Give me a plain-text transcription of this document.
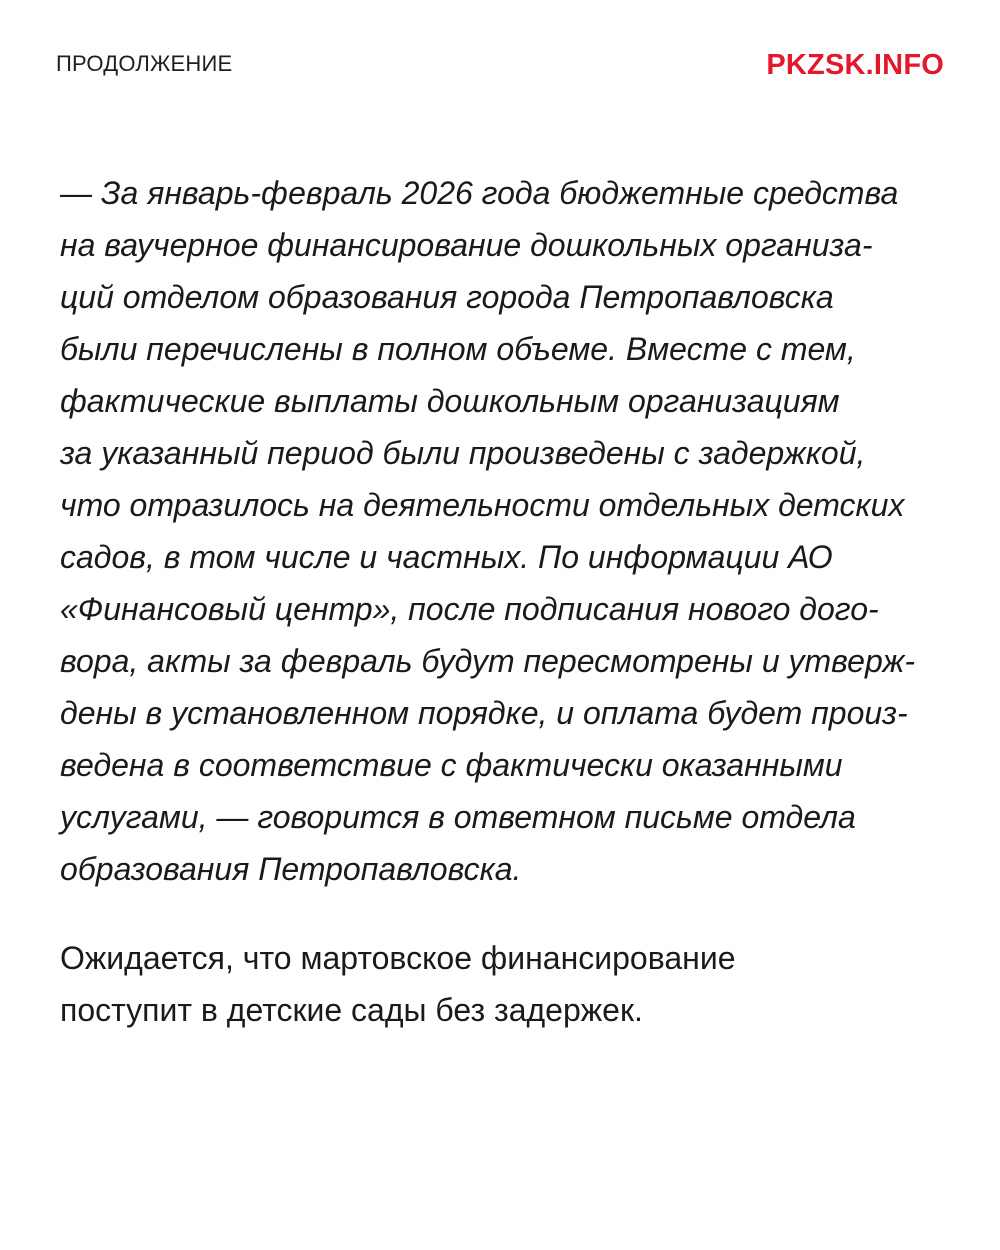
ПРОДОЛЖЕНИЕ	PKZSK.INFO
— За январь-февраль 2026 года бюджетные средства
на ваучерное финансирование дошкольных организа-
ций отделом образования города Петропавловска
были перечислены в полном объеме. Вместе с тем,
фактические выплаты дошкольным организациям
за указанный период были произведены с задержкой,
что отразилось на деятельности отдельных детских
садов, в том числе и частных. По информации АО
«Финансовый центр», после подписания нового дого-
вора, акты за февраль будут пересмотрены и утверж-
дены в установленном порядке, и оплата будет произ-
ведена в соответствие с фактически оказанными
услугами, — говорится в ответном письме отдела
образования Петропавловска.
Ожидается, что мартовское финансирование
поступит в детские сады без задержек.
